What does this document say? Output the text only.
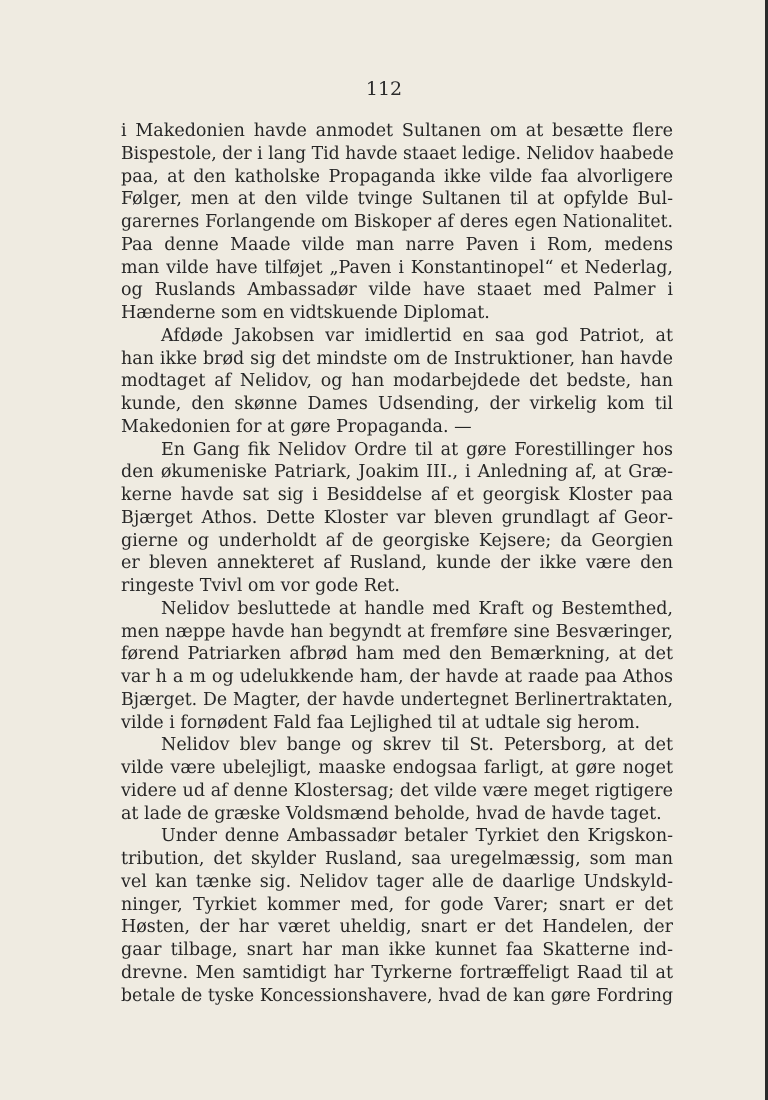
112
i Makedonien havde anmodet Sultanen om at besætte flere
Bispestole, der i lang Tid havde staaet ledige. Nelidov haabede
paa, at den katholske Propaganda ikke vilde faa alvorligere
Følger, men at den vilde tvinge Sultanen til at opfylde Bul-
garernes Forlangende om Biskoper af deres egen Nationalitet.
Paa denne Maade vilde man narre Paven i Rom, medens
man vilde have tilføjet „Paven i Konstantinopel“ et Nederlag,
og Ruslands Ambassadør vilde have staaet med Palmer i
Hænderne som en vidtskuende Diplomat.
Afdøde Jakobsen var imidlertid en saa god Patriot, at
han ikke brød sig det mindste om de Instruktioner, han havde
modtaget af Nelidov, og han modarbejdede det bedste, han
kunde, den skønne Dames Udsending, der virkelig kom til
Makedonien for at gøre Propaganda. —
En Gang fik Nelidov Ordre til at gøre Forestillinger hos
den økumeniske Patriark, Joakim III., i Anledning af, at Græ-
kerne havde sat sig i Besiddelse af et georgisk Kloster paa
Bjærget Athos. Dette Kloster var bleven grundlagt af Geor-
gierne og underholdt af de georgiske Kejsere; da Georgien
er bleven annekteret af Rusland, kunde der ikke være den
ringeste Tvivl om vor gode Ret.
Nelidov besluttede at handle med Kraft og Bestemthed,
men næppe havde han begyndt at fremføre sine Besværinger,
førend Patriarken afbrød ham med den Bemærkning, at det
var h a m og udelukkende ham, der havde at raade paa Athos
Bjærget. De Magter, der havde undertegnet Berlinertraktaten,
vilde i fornødent Fald faa Lejlighed til at udtale sig herom.
Nelidov blev bange og skrev til St. Petersborg, at det
vilde være ubelejligt, maaske endogsaa farligt, at gøre noget
videre ud af denne Klostersag; det vilde være meget rigtigere
at lade de græske Voldsmænd beholde, hvad de havde taget.
Under denne Ambassadør betaler Tyrkiet den Krigskon-
tribution, det skylder Rusland, saa uregelmæssig, som man
vel kan tænke sig. Nelidov tager alle de daarlige Undskyld-
ninger, Tyrkiet kommer med, for gode Varer; snart er det
Høsten, der har været uheldig, snart er det Handelen, der
gaar tilbage, snart har man ikke kunnet faa Skatterne ind-
drevne. Men samtidigt har Tyrkerne fortræffeligt Raad til at
betale de tyske Koncessionshavere, hvad de kan gøre Fordring
